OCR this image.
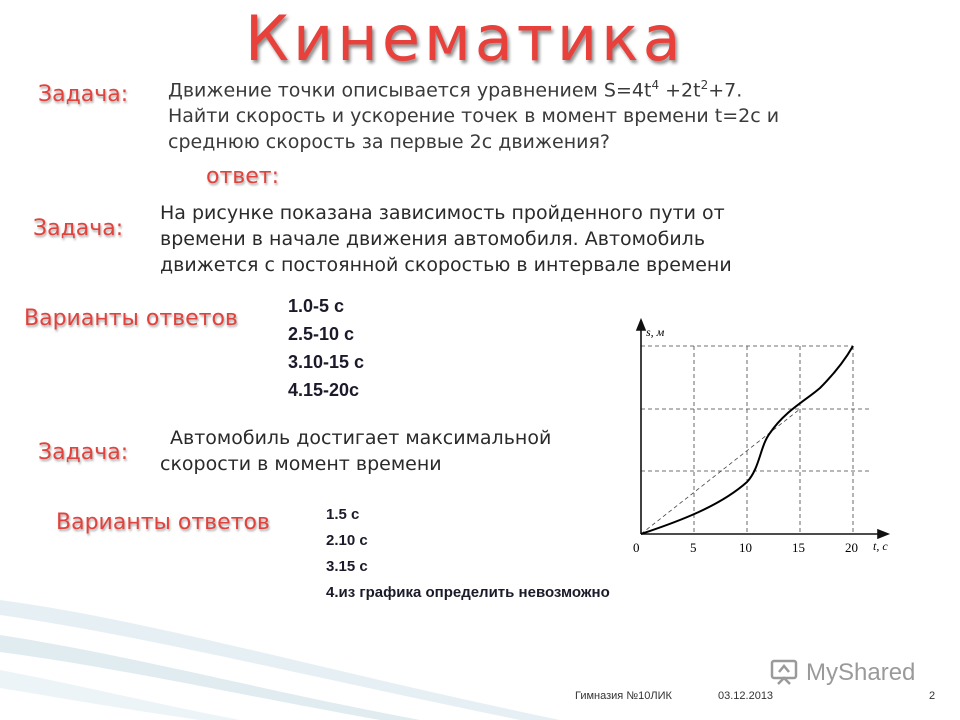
Кинематика
Задача: Движение точки описывается уравнением $S=4t^4 +2t^2+7$.
Найти скорость и ускорение точек в момент времени t=2c и
среднюю скорость за первые 2с движения?
ответ:
Задача:
На рисунке показана зависимость пройденного пути от
времени в начале движения автомобиля. Автомобиль
движется с постоянной скоростью в интервале времени
Варианты ответов	1.0-5 с
2.5-10 с
3.10-15 с
4.15-20с
Задача:
Автомобиль достигает максимальной
скорости в момент времени
Варианты ответов	1.5 с
2.10 с
3.15 с
4.из графика определить невозможно
s, м
t, c
0	5	10	15	20
MyShared
Гимназия №10ЛИК	03.12.2013	2
